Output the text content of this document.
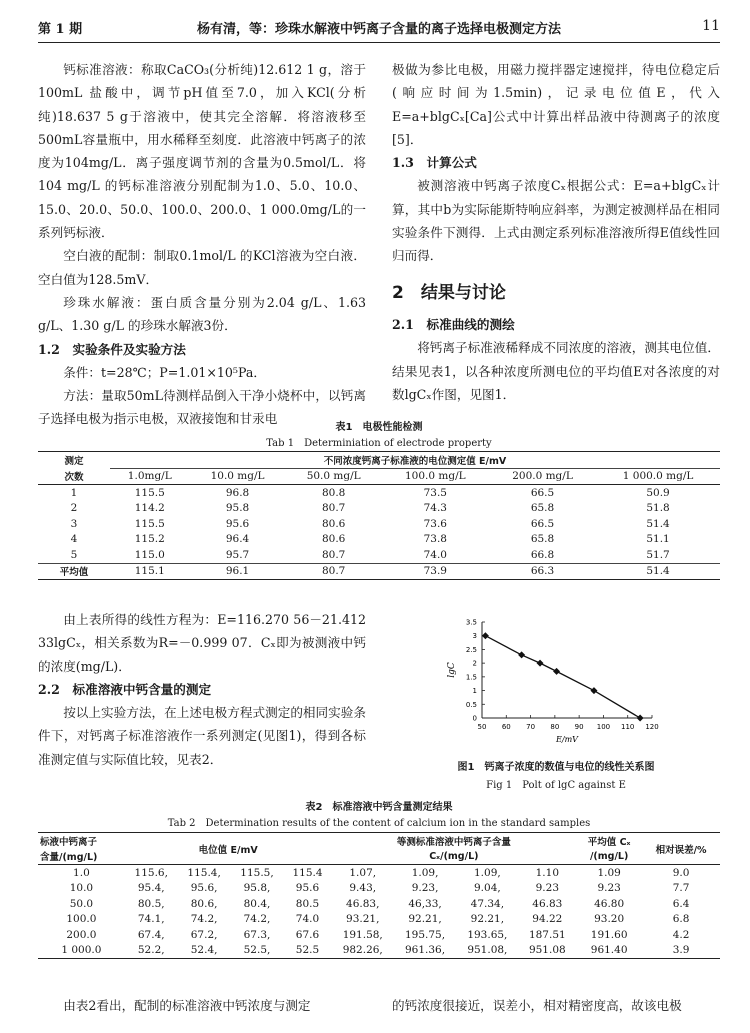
第 1 期	杨有清，等：珍珠水解液中钙离子含量的离子选择电极测定方法	11

钙标准溶液：称取CaCO₃(分析纯)12.612 1 g，溶于100mL 盐酸中，调节pH值至7.0，加入KCl(分析纯)18.637 5 g于溶液中，使其完全溶解．将溶液移至500mL容量瓶中，用水稀释至刻度．此溶液中钙离子的浓度为104mg/L．离子强度调节剂的含量为0.5mol/L．将104 mg/L 的钙标准溶液分别配制为1.0、5.0、10.0、15.0、20.0、50.0、100.0、200.0、1 000.0mg/L的一系列钙标液．

空白液的配制：制取0.1mol/L 的KCl溶液为空白液．空白值为128.5mV．

珍珠水解液：蛋白质含量分别为2.04 g/L、1.63 g/L、1.30 g/L 的珍珠水解液3份．

1.2　实验条件及实验方法

条件：t=28℃；P=1.01×10⁵Pa．

方法：量取50mL待测样品倒入干净小烧杯中，以钙离子选择电极为指示电极，双液接饱和甘汞电

极做为参比电极，用磁力搅拌器定速搅拌，待电位稳定后(响应时间为1.5min)，记录电位值E，代入E=a+blgCₓ[Ca]公式中计算出样品液中待测离子的浓度[5]．

1.3　计算公式

被测溶液中钙离子浓度Cₓ根据公式：E=a+blgCₓ计算，其中b为实际能斯特响应斜率，为测定被测样品在相同实验条件下测得．上式由测定系列标准溶液所得E值线性回归而得．

2　结果与讨论

2.1　标准曲线的测绘

将钙离子标准液稀释成不同浓度的溶液，测其电位值．结果见表1，以各种浓度所测电位的平均值E对各浓度的对数lgCₓ作图，见图1．

表1　电极性能检测
Tab 1　Determiniation of electrode property
测定	不同浓度钙离子标准液的电位测定值 E/mV					
次数	1.0mg/L	10.0 mg/L	50.0 mg/L	100.0 mg/L	200.0 mg/L	1 000.0 mg/L
1	115.5	96.8	80.8	73.5	66.5	50.9
2	114.2	95.8	80.7	74.3	65.8	51.8
3	115.5	95.6	80.6	73.6	66.5	51.4
4	115.2	96.4	80.6	73.8	65.8	51.1
5	115.0	95.7	80.7	74.0	66.8	51.7
平均值	115.1	96.1	80.7	73.9	66.3	51.4

由上表所得的线性方程为：E=116.270 56－21.412 33lgCₓ，相关系数为R=－0.999 07．Cₓ即为被测液中钙的浓度(mg/L)．

2.2　标准溶液中钙含量的测定

按以上实验方法，在上述电极方程式测定的相同实验条件下，对钙离子标准溶液作一系列测定(见图1)，得到各标准测定值与实际值比较，见表2．

50 60 70 80 90 100 110 120
0
0.5
1
1.5
2
2.5
3
3.5
E/mV
lgC
图1　钙离子浓度的数值与电位的线性关系图
Fig 1　Polt of lgC against E
表2　标准溶液中钙含量测定结果
Tab 2　Determination results of the content of calcium ion in the standard samples
标液中钙离子	电位值 E/mV				等测标准溶液中钙离子含量				平均值 Cₓ	相对误差/%
含量/(mg/L)					Cₓ/(mg/L)				/(mg/L)	
1.0	115.6,	115.4,	115.5,	115.4	1.07,	1.09,	1.09,	1.10	1.09	9.0
10.0	95.4,	95.6,	95.8,	95.6	9.43,	9.23,	9.04,	9.23	9.23	7.7
50.0	80.5,	80.6,	80.4,	80.5	46.83,	46,33,	47.34,	46.83	46.80	6.4
100.0	74.1,	74.2,	74.2,	74.0	93.21,	92.21,	92.21,	94.22	93.20	6.8
200.0	67.4,	67.2,	67.3,	67.6	191.58,	195.75,	193.65,	187.51	191.60	4.2
1 000.0	52.2,	52.4,	52.5,	52.5	982.26,	961.36,	951.08,	951.08	961.40	3.9

由表2看出，配制的标准溶液中钙浓度与测定	的钙浓度很接近，误差小，相对精密度高，故该电极
